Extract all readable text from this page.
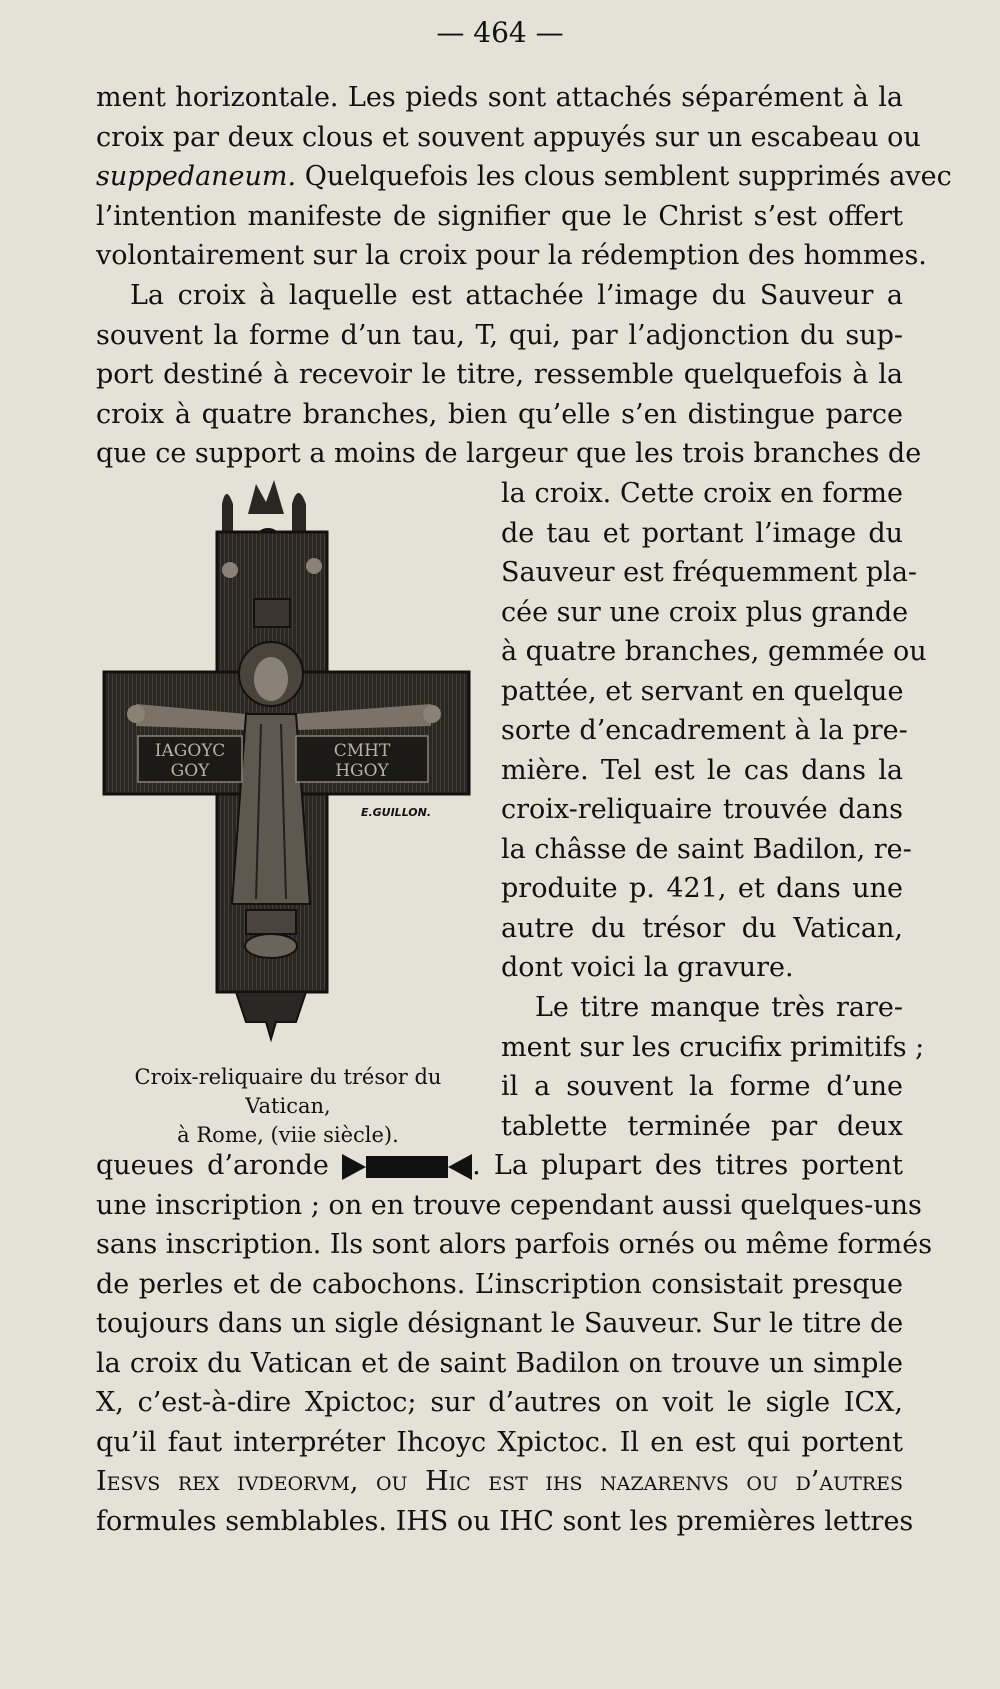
— 464 —
ment horizontale. Les pieds sont attachés séparément à la
croix par deux clous et souvent appuyés sur un escabeau ou
suppedaneum. Quelquefois les clous semblent supprimés avec
l’intention manifeste de signifier que le Christ s’est offert
volontairement sur la croix pour la rédemption des hommes.
La croix à laquelle est attachée l’image du Sauveur a
souvent la forme d’un tau, T, qui, par l’adjonction du sup-
port destiné à recevoir le titre, ressemble quelquefois à la
croix à quatre branches, bien qu’elle s’en distingue parce
que ce support a moins de largeur que les trois branches de
la croix. Cette croix en forme
de tau et portant l’image du
Sauveur est fréquemment pla-
cée sur une croix plus grande
à quatre branches, gemmée ou
pattée, et servant en quelque
sorte d’encadrement à la pre-
mière. Tel est le cas dans la
croix-reliquaire trouvée dans
la châsse de saint Badilon, re-
produite p. 421, et dans une
autre du trésor du Vatican,
dont voici la gravure.
Le titre manque très rare-
ment sur les crucifix primitifs ;
il a souvent la forme d’une
tablette terminée par deux
IAGOYC	CMHT
GOY	HGOY
E.GUILLON.
Croix-reliquaire du trésor du Vatican,
à Rome, (viie siècle).
queues d’aronde	. La plupart des titres portent
une inscription ; on en trouve cependant aussi quelques-uns
sans inscription. Ils sont alors parfois ornés ou même formés
de perles et de cabochons. L’inscription consistait presque
toujours dans un sigle désignant le Sauveur. Sur le titre de
la croix du Vatican et de saint Badilon on trouve un simple
X, c’est-à-dire Xpictoc; sur d’autres on voit le sigle ICX,
qu’il faut interpréter Ihcoyc Xpictoc. Il en est qui portent
Iesvs rex ivdeorvm, ou Hic est ihs nazarenvs ou d’autres
formules semblables. IHS ou IHC sont les premières lettres
